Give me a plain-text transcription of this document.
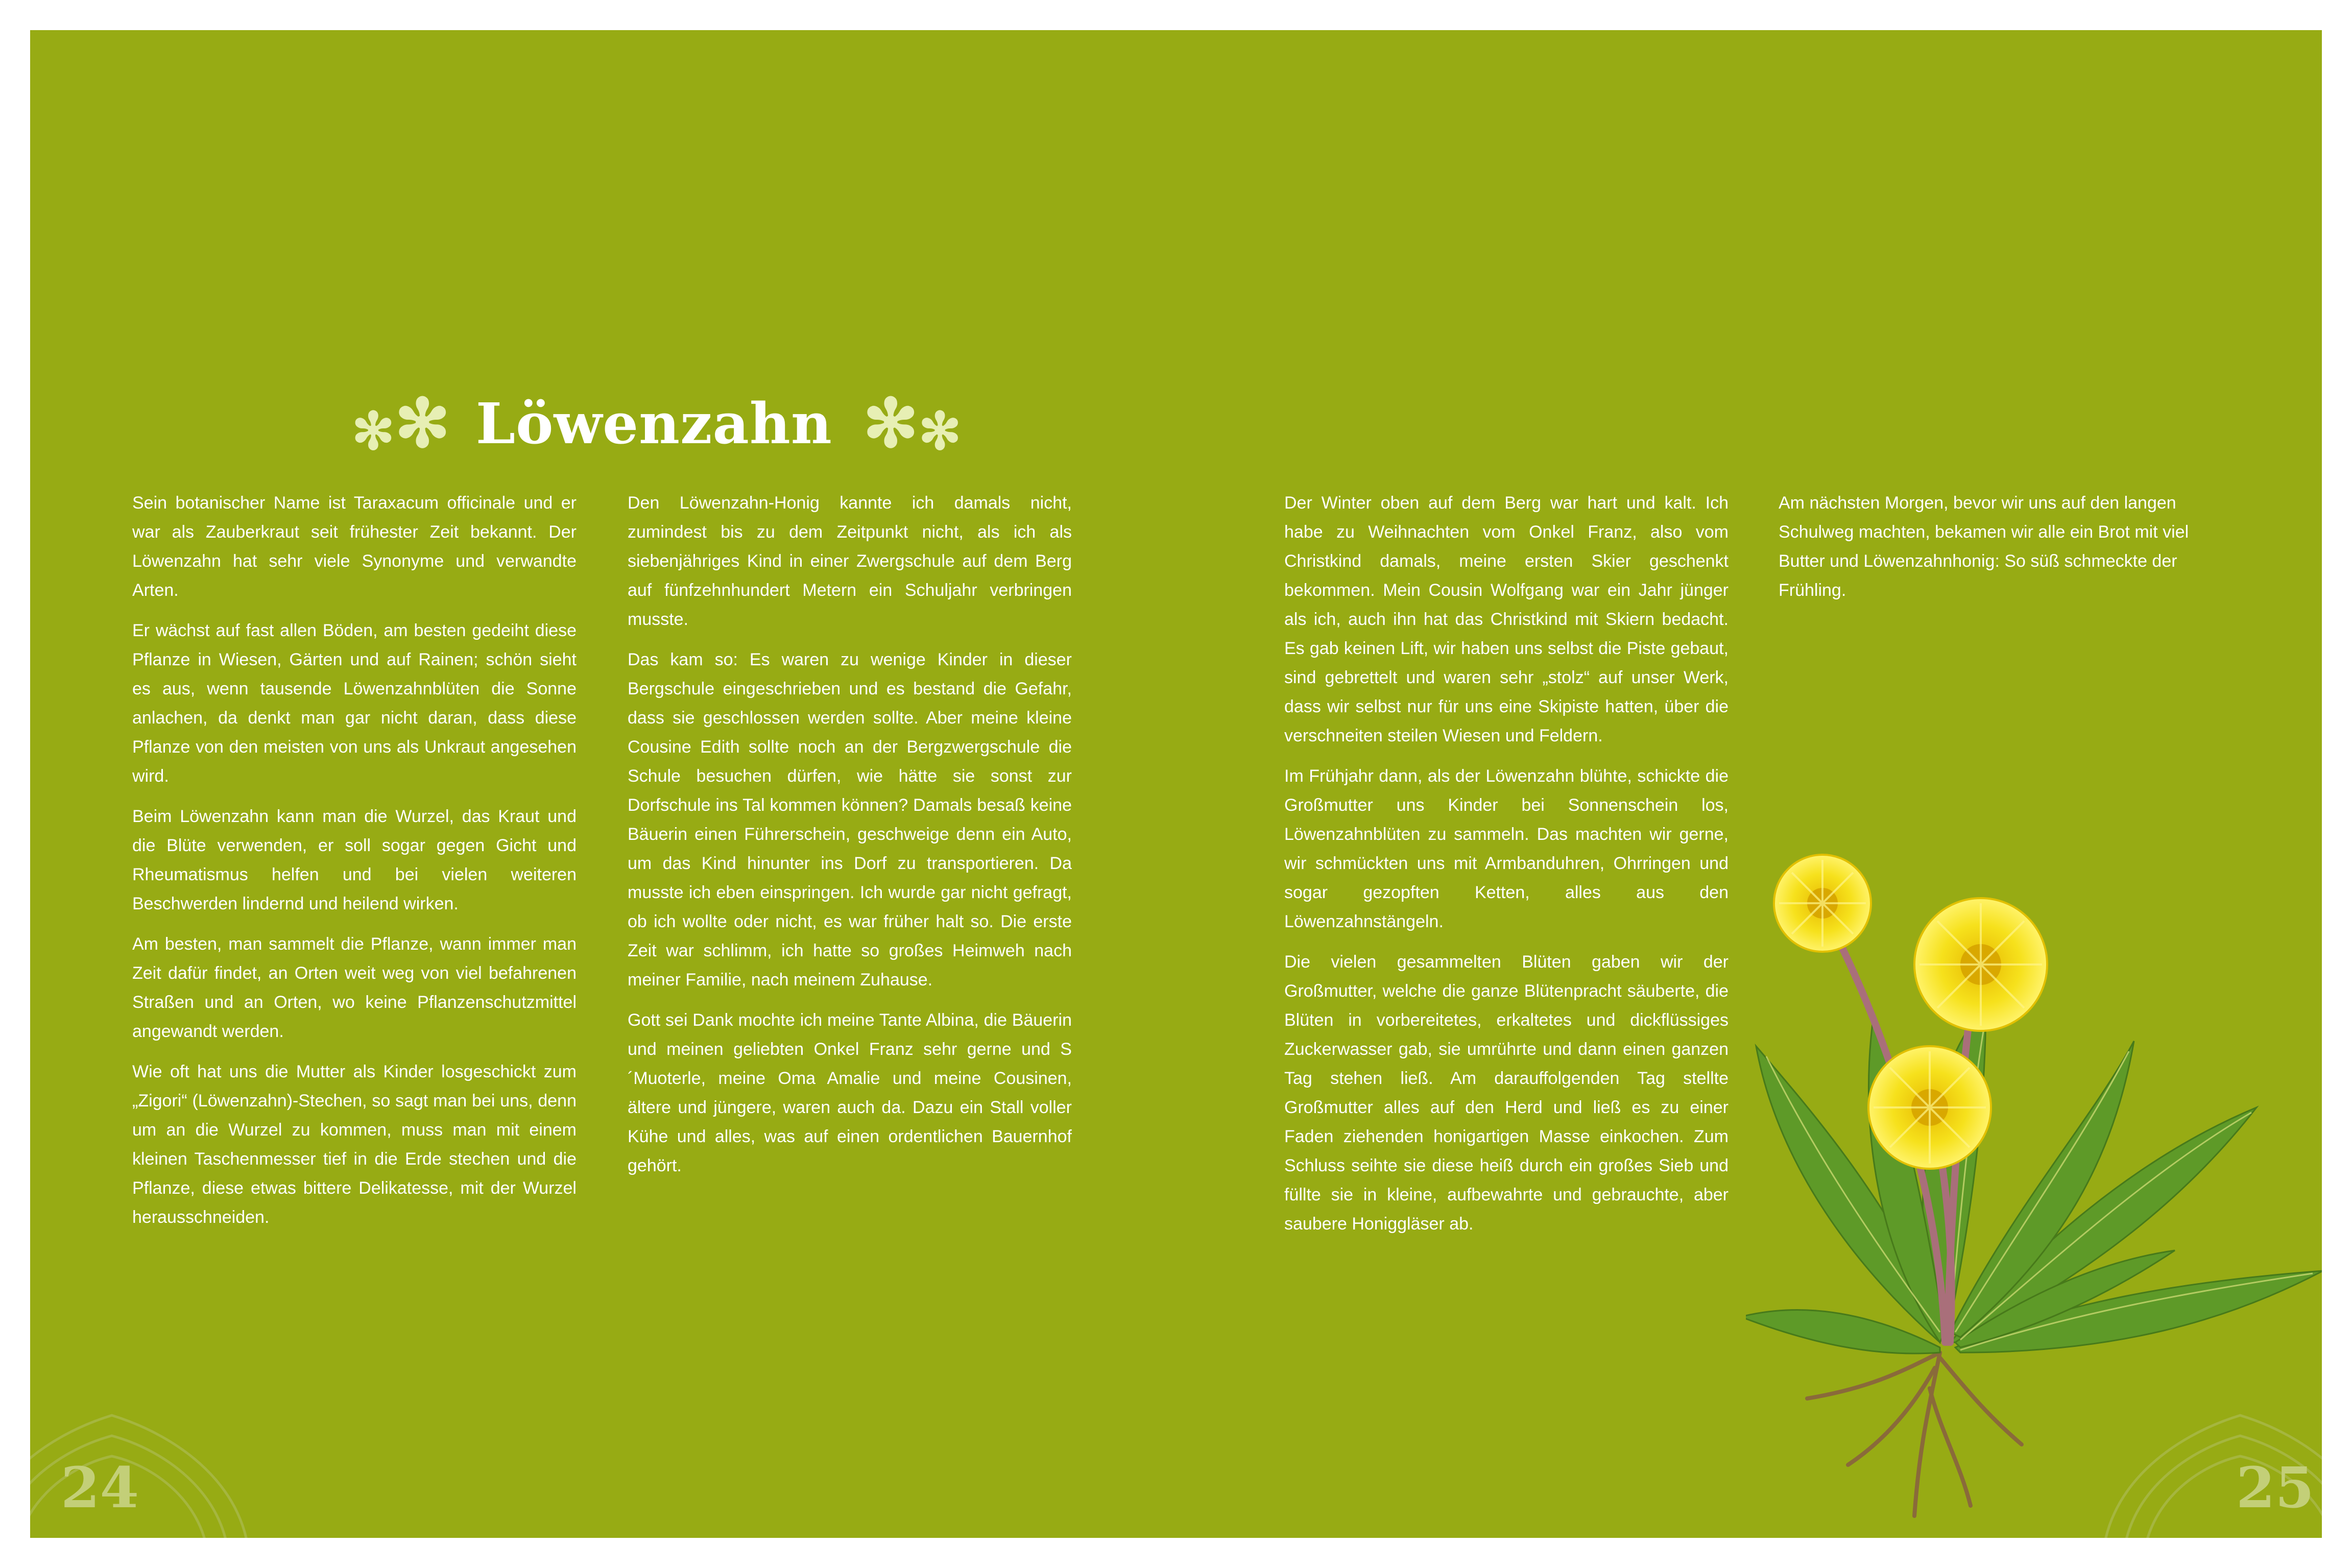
✻ ✻ Löwenzahn ✻ ✻

Sein botanischer Name ist Taraxacum officinale und er war als Zauberkraut seit frühester Zeit bekannt. Der Löwenzahn hat sehr viele Synonyme und verwandte Arten.

Er wächst auf fast allen Böden, am besten gedeiht diese Pflanze in Wiesen, Gärten und auf Rainen; schön sieht es aus, wenn tausende Löwenzahnblüten die Sonne anlachen, da denkt man gar nicht daran, dass diese Pflanze von den meisten von uns als Unkraut angesehen wird.

Beim Löwenzahn kann man die Wurzel, das Kraut und die Blüte verwenden, er soll sogar gegen Gicht und Rheumatismus helfen und bei vielen weiteren Beschwerden lindernd und heilend wirken.

Am besten, man sammelt die Pflanze, wann immer man Zeit dafür findet, an Orten weit weg von viel befahrenen Straßen und an Orten, wo keine Pflanzenschutzmittel angewandt werden.

Wie oft hat uns die Mutter als Kinder losgeschickt zum „Zigori“ (Löwenzahn)-Stechen, so sagt man bei uns, denn um an die Wurzel zu kommen, muss man mit einem kleinen Taschenmesser tief in die Erde stechen und die Pflanze, diese etwas bittere Delikatesse, mit der Wurzel herausschneiden.

Den Löwenzahn-Honig kannte ich damals nicht, zumindest bis zu dem Zeitpunkt nicht, als ich als siebenjähriges Kind in einer Zwergschule auf dem Berg auf fünfzehnhundert Metern ein Schuljahr verbringen musste.

Das kam so: Es waren zu wenige Kinder in dieser Bergschule eingeschrieben und es bestand die Gefahr, dass sie geschlossen werden sollte. Aber meine kleine Cousine Edith sollte noch an der Bergzwergschule die Schule besuchen dürfen, wie hätte sie sonst zur Dorfschule ins Tal kommen können? Damals besaß keine Bäuerin einen Führerschein, geschweige denn ein Auto, um das Kind hinunter ins Dorf zu transportieren. Da musste ich eben einspringen. Ich wurde gar nicht gefragt, ob ich wollte oder nicht, es war früher halt so. Die erste Zeit war schlimm, ich hatte so großes Heimweh nach meiner Familie, nach meinem Zuhause.

Gott sei Dank mochte ich meine Tante Albina, die Bäuerin und meinen geliebten Onkel Franz sehr gerne und S´Muoterle, meine Oma Amalie und meine Cousinen, ältere und jüngere, waren auch da. Dazu ein Stall voller Kühe und alles, was auf einen ordentlichen Bauernhof gehört.

Der Winter oben auf dem Berg war hart und kalt. Ich habe zu Weihnachten vom Onkel Franz, also vom Christkind damals, meine ersten Skier geschenkt bekommen. Mein Cousin Wolfgang war ein Jahr jünger als ich, auch ihn hat das Christkind mit Skiern bedacht. Es gab keinen Lift, wir haben uns selbst die Piste gebaut, sind gebrettelt und waren sehr „stolz“ auf unser Werk, dass wir selbst nur für uns eine Skipiste hatten, über die verschneiten steilen Wiesen und Feldern.

Im Frühjahr dann, als der Löwenzahn blühte, schickte die Großmutter uns Kinder bei Sonnenschein los, Löwenzahnblüten zu sammeln. Das machten wir gerne, wir schmückten uns mit Armbanduhren, Ohrringen und sogar gezopften Ketten, alles aus den Löwenzahnstängeln.

Die vielen gesammelten Blüten gaben wir der Großmutter, welche die ganze Blütenpracht säuberte, die Blüten in vorbereitetes, erkaltetes und dickflüssiges Zuckerwasser gab, sie umrührte und dann einen ganzen Tag stehen ließ. Am darauffolgenden Tag stellte Großmutter alles auf den Herd und ließ es zu einer Faden ziehenden honigartigen Masse einkochen. Zum Schluss seihte sie diese heiß durch ein großes Sieb und füllte sie in kleine, aufbewahrte und gebrauchte, aber saubere Honiggläser ab.

Am nächsten Morgen, bevor wir uns auf den langen Schulweg machten, bekamen wir alle ein Brot mit viel Butter und Löwenzahnhonig: So süß schmeckte der Frühling.

24	25
